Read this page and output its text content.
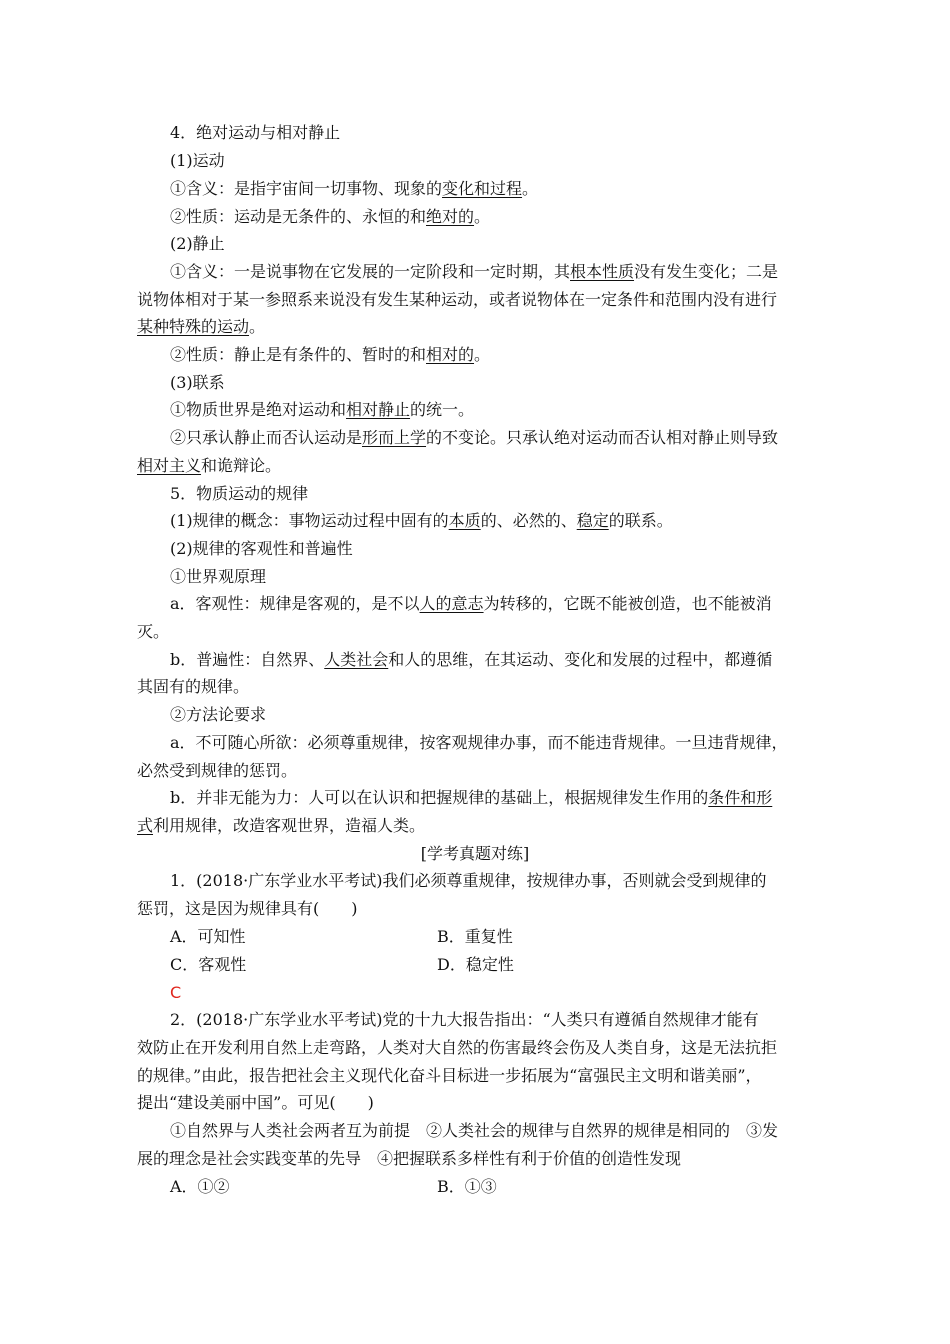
4．绝对运动与相对静止
(1)运动
①含义：是指宇宙间一切事物、现象的变化和过程。
②性质：运动是无条件的、永恒的和绝对的。
(2)静止
①含义：一是说事物在它发展的一定阶段和一定时期，其根本性质没有发生变化；二是
说物体相对于某一参照系来说没有发生某种运动，或者说物体在一定条件和范围内没有进行
某种特殊的运动。
②性质：静止是有条件的、暂时的和相对的。
(3)联系
①物质世界是绝对运动和相对静止的统一。
②只承认静止而否认运动是形而上学的不变论。只承认绝对运动而否认相对静止则导致
相对主义和诡辩论。
5．物质运动的规律
(1)规律的概念：事物运动过程中固有的本质的、必然的、稳定的联系。
(2)规律的客观性和普遍性
①世界观原理
a．客观性：规律是客观的，是不以人的意志为转移的，它既不能被创造，也不能被消
灭。
b．普遍性：自然界、人类社会和人的思维，在其运动、变化和发展的过程中，都遵循
其固有的规律。
②方法论要求
a．不可随心所欲：必须尊重规律，按客观规律办事，而不能违背规律。一旦违背规律，
必然受到规律的惩罚。
b．并非无能为力：人可以在认识和把握规律的基础上，根据规律发生作用的条件和形
式利用规律，改造客观世界，造福人类。
[学考真题对练]
1．(2018·广东学业水平考试)我们必须尊重规律，按规律办事，否则就会受到规律的
惩罚，这是因为规律具有(　　)
A．可知性	B．重复性
C．客观性	D．稳定性
C
2．(2018·广东学业水平考试)党的十九大报告指出：“人类只有遵循自然规律才能有
效防止在开发利用自然上走弯路，人类对大自然的伤害最终会伤及人类自身，这是无法抗拒
的规律。”由此，报告把社会主义现代化奋斗目标进一步拓展为“富强民主文明和谐美丽”，
提出“建设美丽中国”。可见(　　)
①自然界与人类社会两者互为前提　②人类社会的规律与自然界的规律是相同的　③发
展的理念是社会实践变革的先导　④把握联系多样性有利于价值的创造性发现
A．①②	B．①③
